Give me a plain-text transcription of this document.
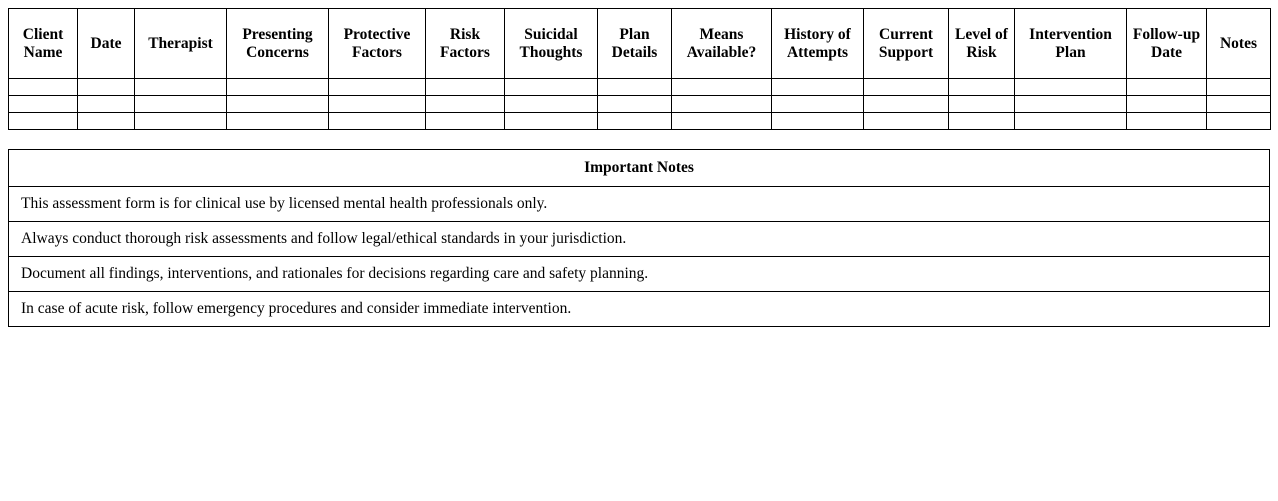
Client Name	Date	Therapist	Presenting Concerns	Protective Factors	Risk Factors	Suicidal Thoughts	Plan Details	Means Available?	History of Attempts	Current Support	Level of Risk	Intervention Plan	Follow-up Date	Notes

Important Notes
This assessment form is for clinical use by licensed mental health professionals only.
Always conduct thorough risk assessments and follow legal/ethical standards in your jurisdiction.
Document all findings, interventions, and rationales for decisions regarding care and safety planning.
In case of acute risk, follow emergency procedures and consider immediate intervention.
